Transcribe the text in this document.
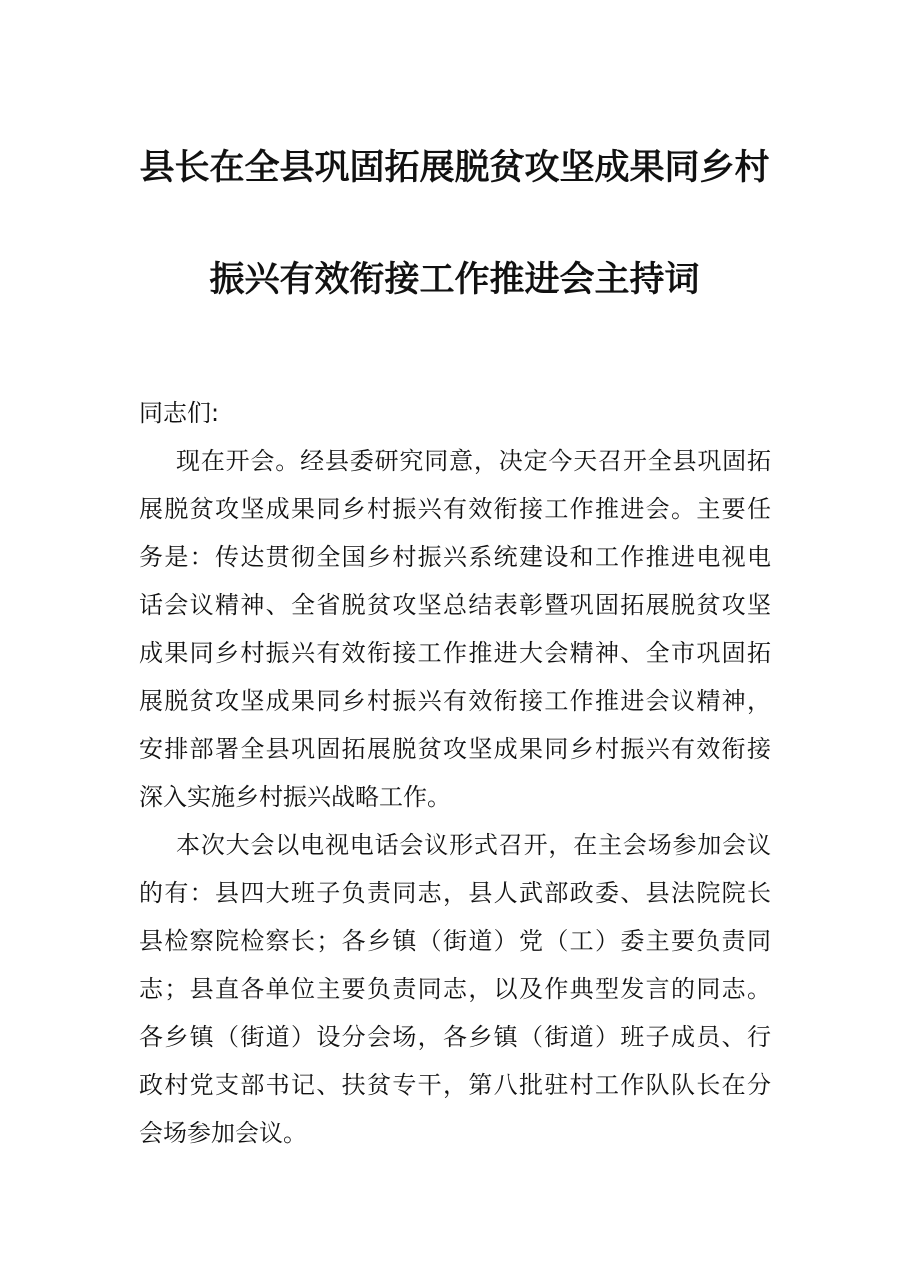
县长在全县巩固拓展脱贫攻坚成果同乡村
振兴有效衔接工作推进会主持词
同志们:
现在开会。经县委研究同意，决定今天召开全县巩固拓
展脱贫攻坚成果同乡村振兴有效衔接工作推进会。主要任
务是：传达贯彻全国乡村振兴系统建设和工作推进电视电
话会议精神、全省脱贫攻坚总结表彰暨巩固拓展脱贫攻坚
成果同乡村振兴有效衔接工作推进大会精神、全市巩固拓
展脱贫攻坚成果同乡村振兴有效衔接工作推进会议精神，
安排部署全县巩固拓展脱贫攻坚成果同乡村振兴有效衔接
深入实施乡村振兴战略工作。
本次大会以电视电话会议形式召开，在主会场参加会议
的有：县四大班子负责同志，县人武部政委、县法院院长
县检察院检察长；各乡镇（街道）党（工）委主要负责同
志；县直各单位主要负责同志，以及作典型发言的同志。
各乡镇（街道）设分会场，各乡镇（街道）班子成员、行
政村党支部书记、扶贫专干，第八批驻村工作队队长在分
会场参加会议。
